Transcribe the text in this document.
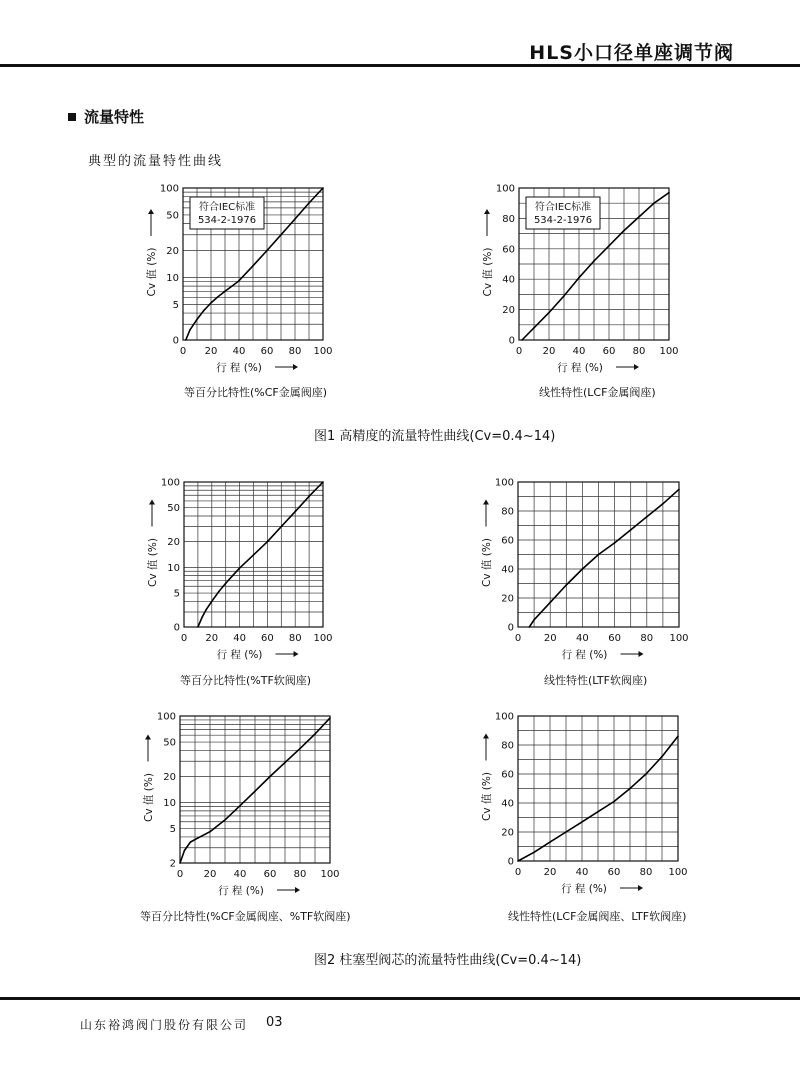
HLS小口径单座调节阀
流量特性
典型的流量特性曲线
0 20 40 60 80 100
0
5
10
20
50
100
行 程 (%)
Cv 值 (%)
符合IEC标准
534-2-1976
等百分比特性(%CF金属阀座)
0 20 40 60 80 100
0
20
40
60
80
100
行 程 (%)
Cv 值 (%)
符合IEC标准
534-2-1976
线性特性(LCF金属阀座)
0 20 40 60 80 100
0
5
10
20
50
100
行 程 (%)
Cv 值 (%)
等百分比特性(%TF软阀座)
0 20 40 60 80 100
0
20
40
60
80
100
行 程 (%)
Cv 值 (%)
线性特性(LTF软阀座)
0 20 40 60 80 100
2
5
10
20
50
100
行 程 (%)
Cv 值 (%)
等百分比特性(%CF金属阀座、%TF软阀座)
0 20 40 60 80 100
0
20
40
60
80
100
行 程 (%)
Cv 值 (%)
线性特性(LCF金属阀座、LTF软阀座)
图1 高精度的流量特性曲线(Cv=0.4~14)
图2 柱塞型阀芯的流量特性曲线(Cv=0.4~14)
山东裕鸿阀门股份有限公司 03
